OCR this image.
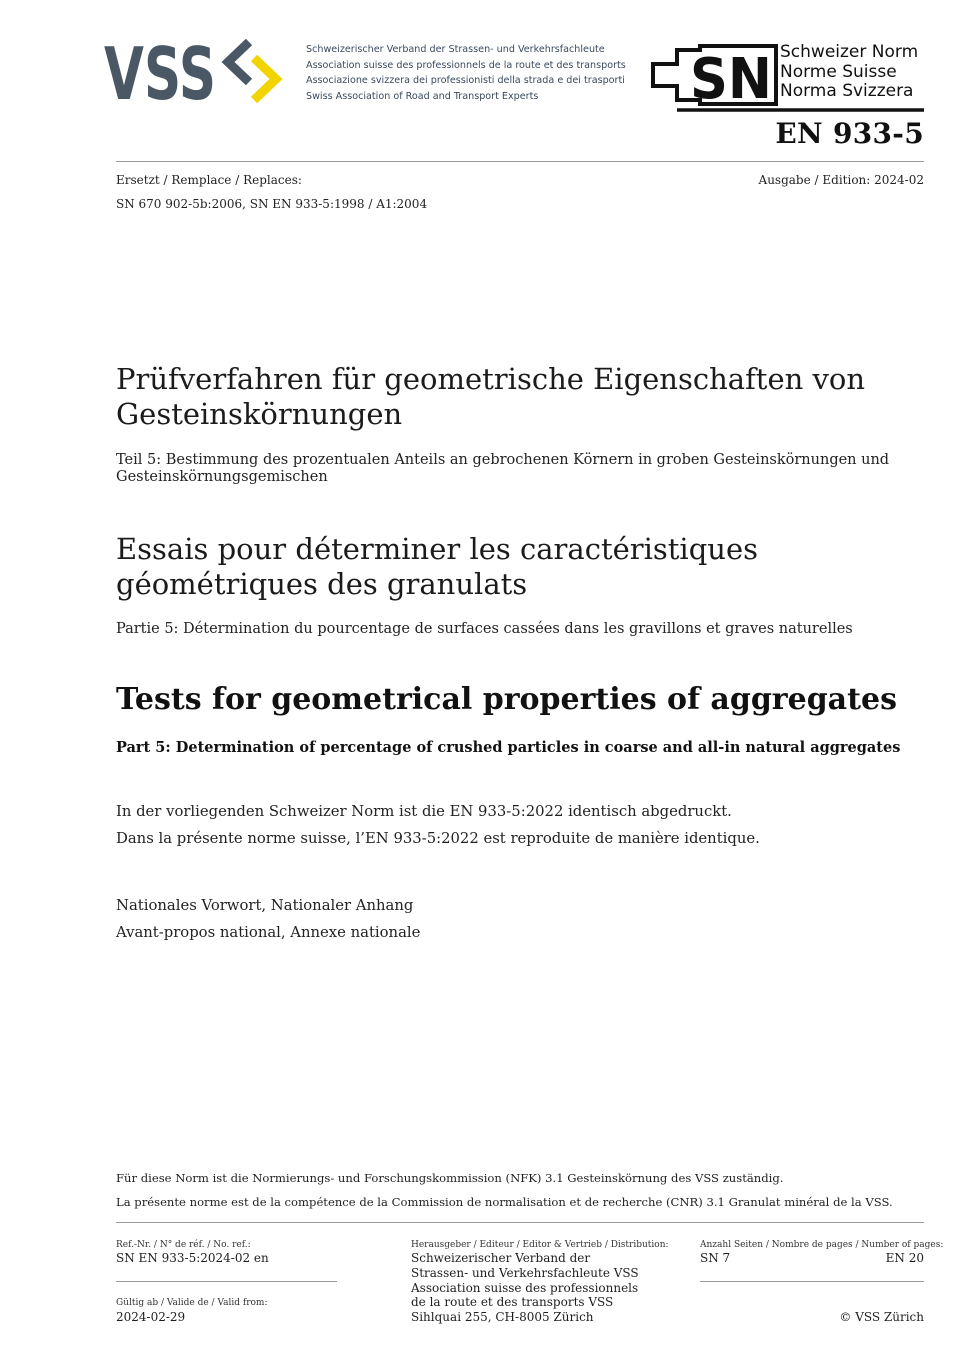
VSS	Schweizerischer Verband der Strassen- und Verkehrsfachleute
Association suisse des professionnels de la route et des transports
Associazione svizzera dei professionisti della strada e dei trasporti
Swiss Association of Road and Transport Experts	SN Schweizer Norm
Norme Suisse
Norma Svizzera
EN 933-5
Ersetzt / Remplace / Replaces:	Ausgabe / Edition: 2024-02
SN 670 902-5b:2006, SN EN 933-5:1998 / A1:2004
Prüfverfahren für geometrische Eigenschaften von Gesteinskörnungen
Teil 5: Bestimmung des prozentualen Anteils an gebrochenen Körnern in groben Gesteinskörnungen und Gesteinskörnungsgemischen
Essais pour déterminer les caractéristiques géométriques des granulats
Partie 5: Détermination du pourcentage de surfaces cassées dans les gravillons et graves naturelles
Tests for geometrical properties of aggregates
Part 5: Determination of percentage of crushed particles in coarse and all-in natural aggregates
In der vorliegenden Schweizer Norm ist die EN 933-5:2022 identisch abgedruckt.
Dans la présente norme suisse, l’EN 933-5:2022 est reproduite de manière identique.
Nationales Vorwort, Nationaler Anhang
Avant-propos national, Annexe nationale
Für diese Norm ist die Normierungs- und Forschungskommission (NFK) 3.1 Gesteinskörnung des VSS zuständig.
La présente norme est de la compétence de la Commission de normalisation et de recherche (CNR) 3.1 Granulat minéral de la VSS.
Ref.-Nr. / N° de réf. / No. ref.:
SN EN 933-5:2024-02 en
Gültig ab / Valide de / Valid from:
2024-02-29
Herausgeber / Editeur / Editor & Vertrieb / Distribution:
Schweizerischer Verband der
Strassen- und Verkehrsfachleute VSS
Association suisse des professionnels
de la route et des transports VSS
Sihlquai 255, CH-8005 Zürich
Anzahl Seiten / Nombre de pages / Number of pages:
SN 7	EN 20
© VSS Zürich
